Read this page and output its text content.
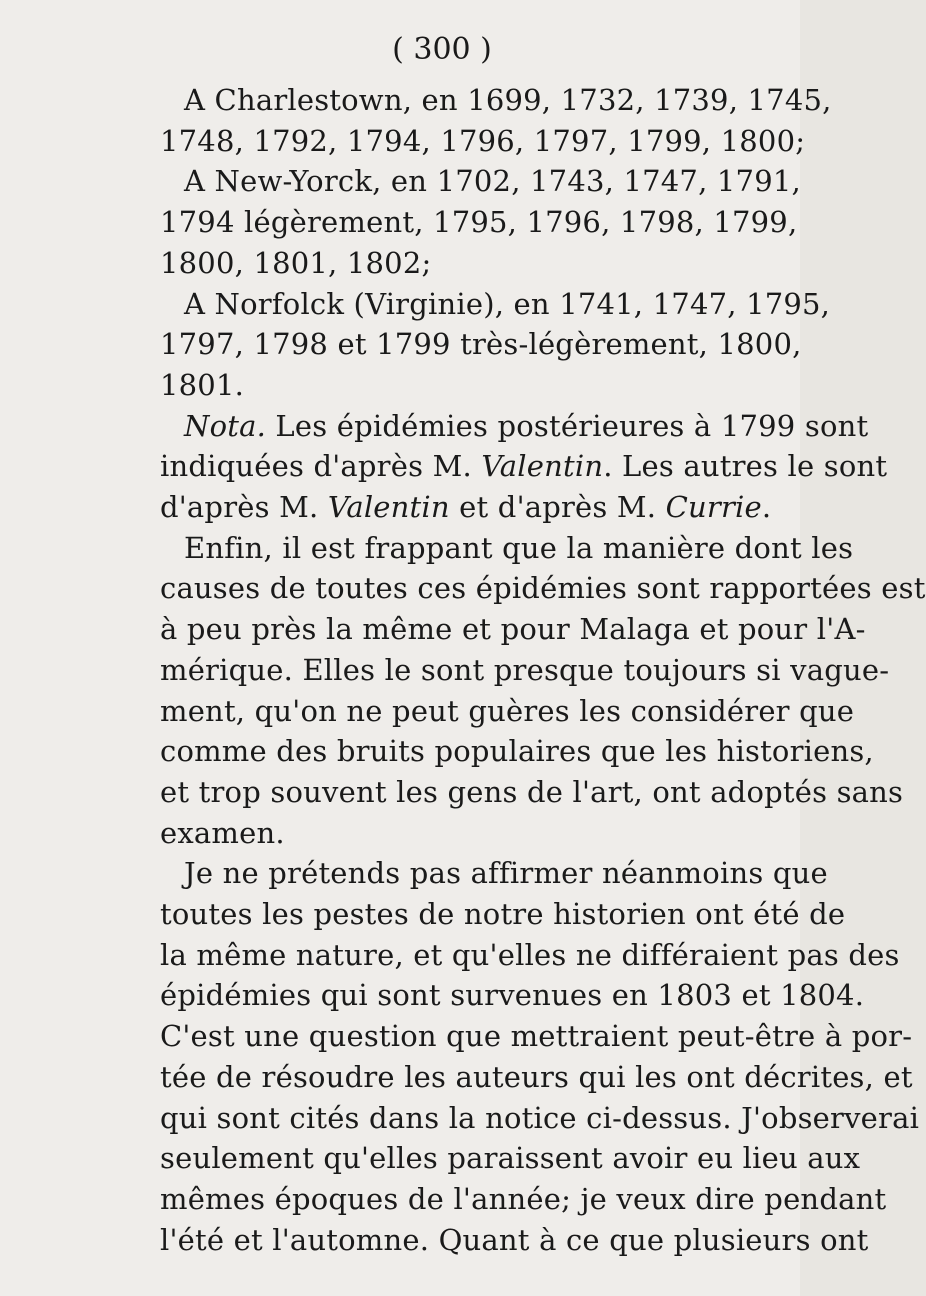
( 300 )
A Charlestown, en 1699, 1732, 1739, 1745,
1748, 1792, 1794, 1796, 1797, 1799, 1800;
A New-Yorck, en 1702, 1743, 1747, 1791,
1794 légèrement, 1795, 1796, 1798, 1799,
1800, 1801, 1802;
A Norfolck (Virginie), en 1741, 1747, 1795,
1797, 1798 et 1799 très-légèrement, 1800,
1801.
Nota. Les épidémies postérieures à 1799 sont
indiquées d'après M. Valentin. Les autres le sont
d'après M. Valentin et d'après M. Currie.
Enfin, il est frappant que la manière dont les
causes de toutes ces épidémies sont rapportées est
à peu près la même et pour Malaga et pour l'A-
mérique. Elles le sont presque toujours si vague-
ment, qu'on ne peut guères les considérer que
comme des bruits populaires que les historiens,
et trop souvent les gens de l'art, ont adoptés sans
examen.
Je ne prétends pas affirmer néanmoins que
toutes les pestes de notre historien ont été de
la même nature, et qu'elles ne différaient pas des
épidémies qui sont survenues en 1803 et 1804.
C'est une question que mettraient peut-être à por-
tée de résoudre les auteurs qui les ont décrites, et
qui sont cités dans la notice ci-dessus. J'observerai
seulement qu'elles paraissent avoir eu lieu aux
mêmes époques de l'année; je veux dire pendant
l'été et l'automne. Quant à ce que plusieurs ont
